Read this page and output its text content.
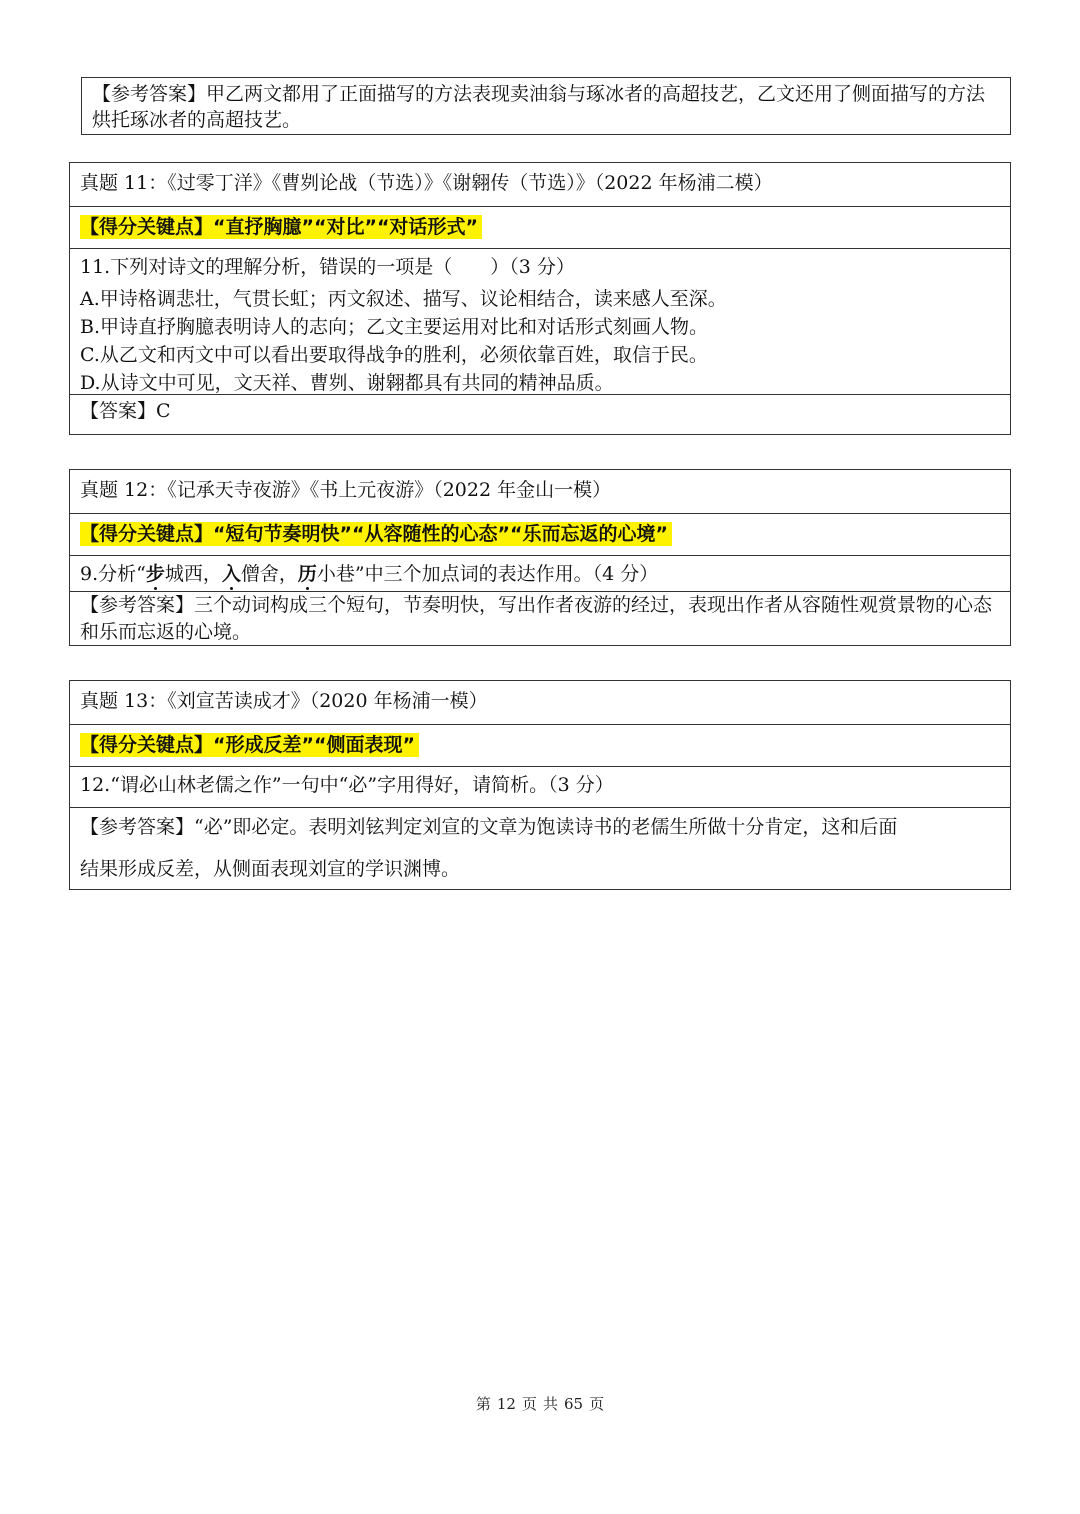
【参考答案】甲乙两文都用了正面描写的方法表现卖油翁与琢冰者的高超技艺，乙文还用了侧面描写的方法烘托琢冰者的高超技艺。
真题 11：《过零丁洋》《曹刿论战（节选）》《谢翱传（节选）》（2022 年杨浦二模）
【得分关键点】“直抒胸臆”“对比”“对话形式”
11.下列对诗文的理解分析，错误的一项是（　　）（3 分）
A.甲诗格调悲壮，气贯长虹；丙文叙述、描写、议论相结合，读来感人至深。
B.甲诗直抒胸臆表明诗人的志向；乙文主要运用对比和对话形式刻画人物。
C.从乙文和丙文中可以看出要取得战争的胜利，必须依靠百姓，取信于民。
D.从诗文中可见，文天祥、曹刿、谢翱都具有共同的精神品质。
【答案】C
真题 12：《记承天寺夜游》《书上元夜游》（2022 年金山一模）
【得分关键点】“短句节奏明快”“从容随性的心态”“乐而忘返的心境”
9.分析“步城西，入僧舍，历小巷”中三个加点词的表达作用。（4 分）
【参考答案】三个动词构成三个短句，节奏明快，写出作者夜游的经过，表现出作者从容随性观赏景物的心态和乐而忘返的心境。
真题 13：《刘宣苦读成才》（2020 年杨浦一模）
【得分关键点】“形成反差”“侧面表现”
12.“谓必山林老儒之作”一句中“必”字用得好，请简析。（3 分）
【参考答案】“必”即必定。表明刘铉判定刘宣的文章为饱读诗书的老儒生所做十分肯定，这和后面
结果形成反差，从侧面表现刘宣的学识渊博。
第 12 页 共 65 页
